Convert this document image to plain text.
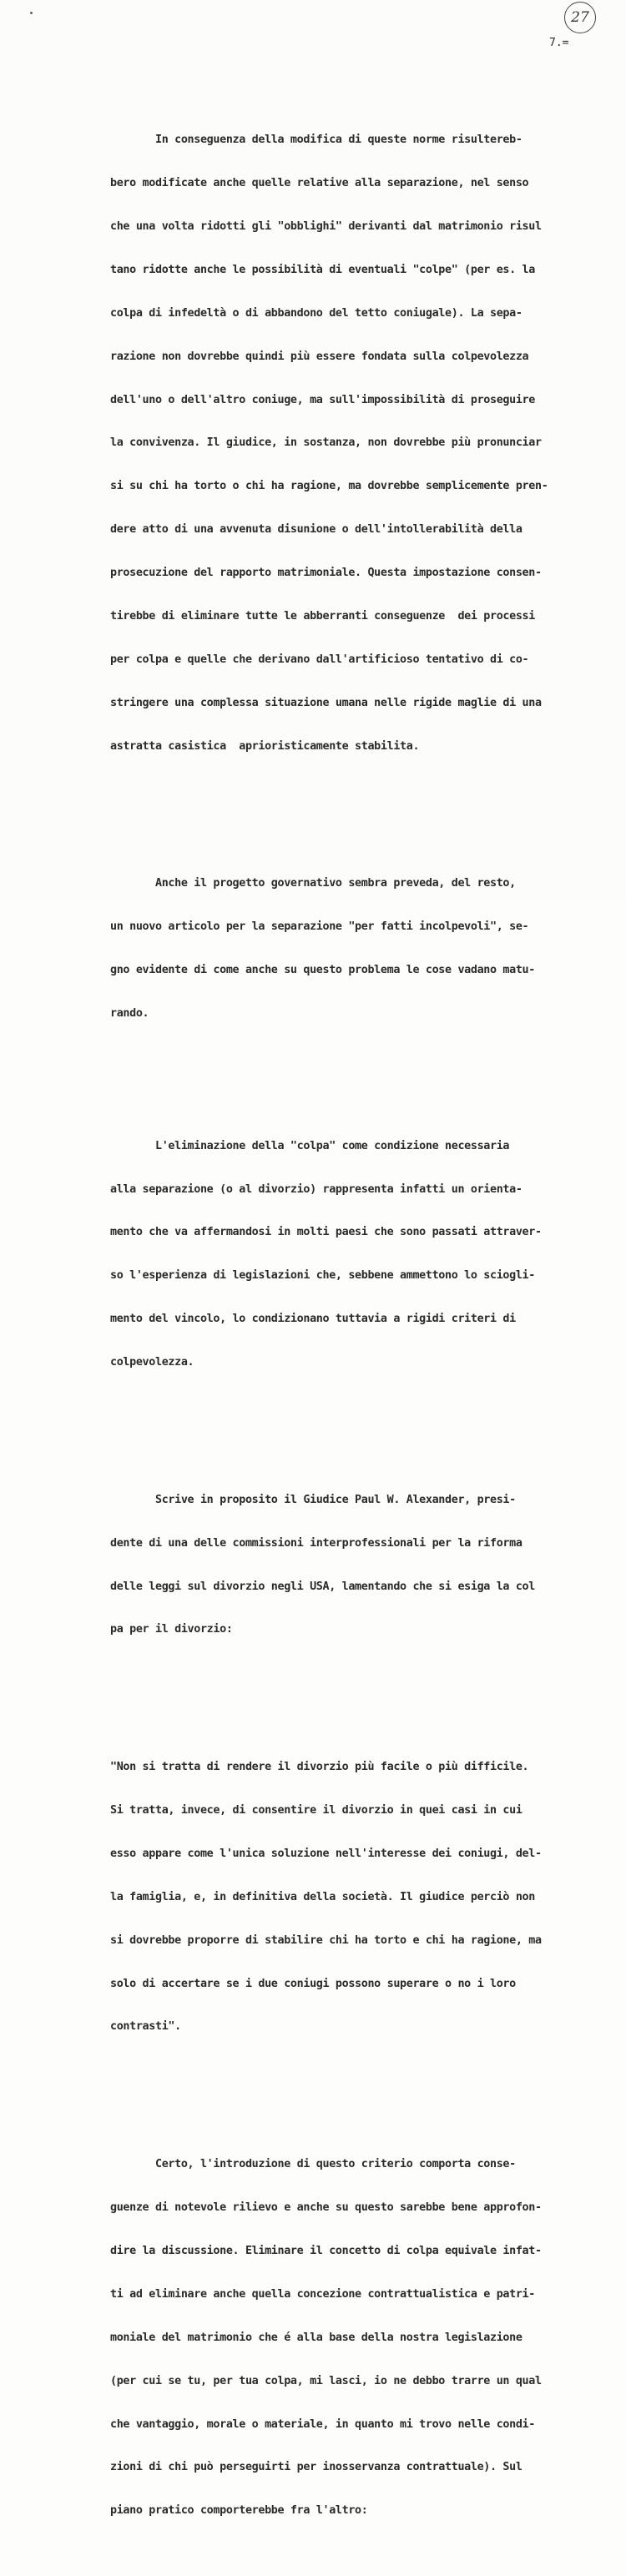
27
7.=

In conseguenza della modifica di queste norme risultereb-

bero modificate anche quelle relative alla separazione, nel senso

che una volta ridotti gli "obblighi" derivanti dal matrimonio risul

tano ridotte anche le possibilità di eventuali "colpe" (per es. la

colpa di infedeltà o di abbandono del tetto coniugale). La sepa-

razione non dovrebbe quindi più essere fondata sulla colpevolezza

dell'uno o dell'altro coniuge, ma sull'impossibilità di proseguire

la convivenza. Il giudice, in sostanza, non dovrebbe più pronunciar

si su chi ha torto o chi ha ragione, ma dovrebbe semplicemente pren-

dere atto di una avvenuta disunione o dell'intollerabilità della

prosecuzione del rapporto matrimoniale. Questa impostazione consen-

tirebbe di eliminare tutte le abberranti conseguenze  dei processi

per colpa e quelle che derivano dall'artificioso tentativo di co-

stringere una complessa situazione umana nelle rigide maglie di una

astratta casistica  aprioristicamente stabilita.

Anche il progetto governativo sembra preveda, del resto,

un nuovo articolo per la separazione "per fatti incolpevoli", se-

gno evidente di come anche su questo problema le cose vadano matu-

rando.

L'eliminazione della "colpa" come condizione necessaria

alla separazione (o al divorzio) rappresenta infatti un orienta-

mento che va affermandosi in molti paesi che sono passati attraver-

so l'esperienza di legislazioni che, sebbene ammettono lo sciogli-

mento del vincolo, lo condizionano tuttavia a rigidi criteri di

colpevolezza.

Scrive in proposito il Giudice Paul W. Alexander, presi-

dente di una delle commissioni interprofessionali per la riforma

delle leggi sul divorzio negli USA, lamentando che si esiga la col

pa per il divorzio:

"Non si tratta di rendere il divorzio più facile o più difficile.

Si tratta, invece, di consentire il divorzio in quei casi in cui

esso appare come l'unica soluzione nell'interesse dei coniugi, del-

la famiglia, e, in definitiva della società. Il giudice perciò non

si dovrebbe proporre di stabilire chi ha torto e chi ha ragione, ma

solo di accertare se i due coniugi possono superare o no i loro

contrasti".

Certo, l'introduzione di questo criterio comporta conse-

guenze di notevole rilievo e anche su questo sarebbe bene approfon-

dire la discussione. Eliminare il concetto di colpa equivale infat-

ti ad eliminare anche quella concezione contrattualistica e patri-

moniale del matrimonio che é alla base della nostra legislazione

(per cui se tu, per tua colpa, mi lasci, io ne debbo trarre un qual

che vantaggio, morale o materiale, in quanto mi trovo nelle condi-

zioni di chi può perseguirti per inosservanza contrattuale). Sul

piano pratico comporterebbe fra l'altro:
